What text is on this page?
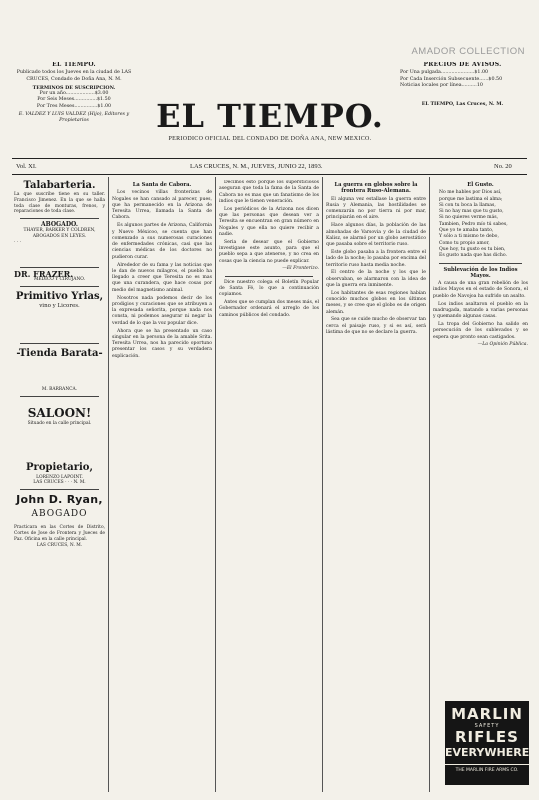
AMADOR COLLECTION
EL TIEMPO.
Publicado todos los Jueves en la ciudad de LAS CRUCES, Condado de Doña Ana, N. M.
TERMINOS DE SUSCRIPCION.
Por un año...................$3.00
Por Seis Meses...............$1.50
Por Tres Meses...............$1.00
E. VALDEZ Y LUIS VALDEZ (Hijo), Editores y Propietarios
PRECIOS DE AVISOS.
Por Una pulgada......................$1.00
Por Cada Inserción Subsecuente......$0.50
Noticias locales por línea..........10
EL TIEMPO, Las Cruces, N. M.
EL TIEMPO.
PERIODICO OFICIAL DEL CONDADO DE DOÑA ANA, NEW MEXICO.
Vol. XI.	LAS CRUCES, N. M., JUEVES, JUNIO 22, 1893.	No. 20
Talabarteria.
La que suscribe tiene en su taller. Francisco Jimenez. En la que se halla toda clase de monturas, frenos, y reparaciones de toda clase.
ABOGADO.
THAYER, BARKER Y COLDREN, ABOGADOS EN LEYES.
· · ·
DR. FRAZER.
MEDICO Y CIRUJANO.
Primitivo Yrlas,
vino y Licores.
-Tienda Barata-
M. BARRANCA.
SALOON!
Situado en la calle principal.
Propietario,
LORENZO LAPOINT.
LAS CRUCES · · · N. M.
John D. Ryan,
ABOGADO
Practicara en las Cortes de Distrito, Cortes de Jose de Frontera y Jueces de Paz. Oficina en la calle principal.
LAS CRUCES, N. M.
La Santa de Cabora.

Los vecinos villas fronterizas de Nogales se han cansado al parecer, pues, que ha permanecido en la Arizona de Teresita Urrea, llamada la Santa de Cabora.

Es algunos partes de Arizona, California y Nuevo Méxicoo, se cuenta que han comenzado a sus numerosas curaciones de enfermedades crónicas, casi que las ciencias médicas de los doctores no pudieron curar.

Alrededor de su fama y las noticias que le dan de nuevos milagros, el pueblo ha llegado a creer que Teresita no es mas que una curandera, que hace cosas por medio del magnetismo animal.

Nosotros nada podemos decir de los prodigios y curaciones que se atribuyen a la expresada señorita, porque nada nos consta, ni podemos asegurar ni negar la verdad de lo que la voz popular dice.

Ahora que se ha presentado un caso singular en la persona de la amable Srita. Teresita Urrea, nos ha parecido oportuno presentar los casos y su verdadera explicación.

Decimos esto porque los supersticiosos aseguran que toda la fama de la Santa de Cabora no es mas que un fanatismo de los indios que le tienen veneración.

Los periódicos de la Arizona nos dicen que las personas que desean ver a Teresita se encuentran en gran número en Nogales y que ella no quiere recibir a nadie.

Seria de desear que el Gobierno investigase este asunto, para que el pueblo sepa a que atenerse, y no crea en cosas que la ciencia no puede explicar.

—El Fronterizo.

Dice nuestro colega el Boletín Popular de Santa Fé, lo que a continuación copiamos.

Antes que se cumplan dos meses más, el Gobernador ordenará el arreglo de los caminos públicos del condado.

La guerra en globos sobre la frontera Ruso-Alemana.

El alguna vez estallase la guerra entre Rusia y Alemania, las hostilidades se comenzarán no por tierra ni por mar, principiarán en el aire.

Hace algunos días, la población de las almohadas de Varsovia y de la ciudad de Kalisz, se alarmó por un globo aerostático que pasaba sobre el territorio ruso.

Este globo pasaba a la frontera entre el lado de la noche; lo pasaba por encima del territorio ruso hasta media noche.

El centro de la noche y los que le observaban, se alarmaron con la idea de que la guerra era inminente.

Los habitantes de esas regiones habían conocido muchos globos en los últimos meses, y se cree que el globo es de origen alemán.

Sea que se cuide mucho de observar tan cerca el paisaje ruso, y si es así, será lástima de que no se declare la guerra.

El Gusto.
No me hables por Dios así,
porque me lastima el alma;
Si con tu boca la llamas,
Si no hay mas que tu gusto,
Si no quieres verme más,
Tambien, Pedro mío tú sabes,
Que yo te amaba tanto,
Y sólo a ti mismo te debo,
Como tu propio amor,
Que hoy, tu gusto es tu bien,
Es gusto nada que has dicho.
Sublevación de los Indios Mayos.

A causa de una gran rebelión de los indios Mayos en el estado de Sonora, el pueblo de Navojoa ha sufrido un asalto.

Los indios asaltaron el pueblo en la madrugada, matando a varias personas y quemando algunas casas.

La tropa del Gobierno ha salido en persecución de los sublevados y se espera que pronto sean castigados.

—La Opinión Pública.
MARLIN
SAFETY
RIFLES
EVERYWHERE
THE MARLIN FIRE ARMS CO.
